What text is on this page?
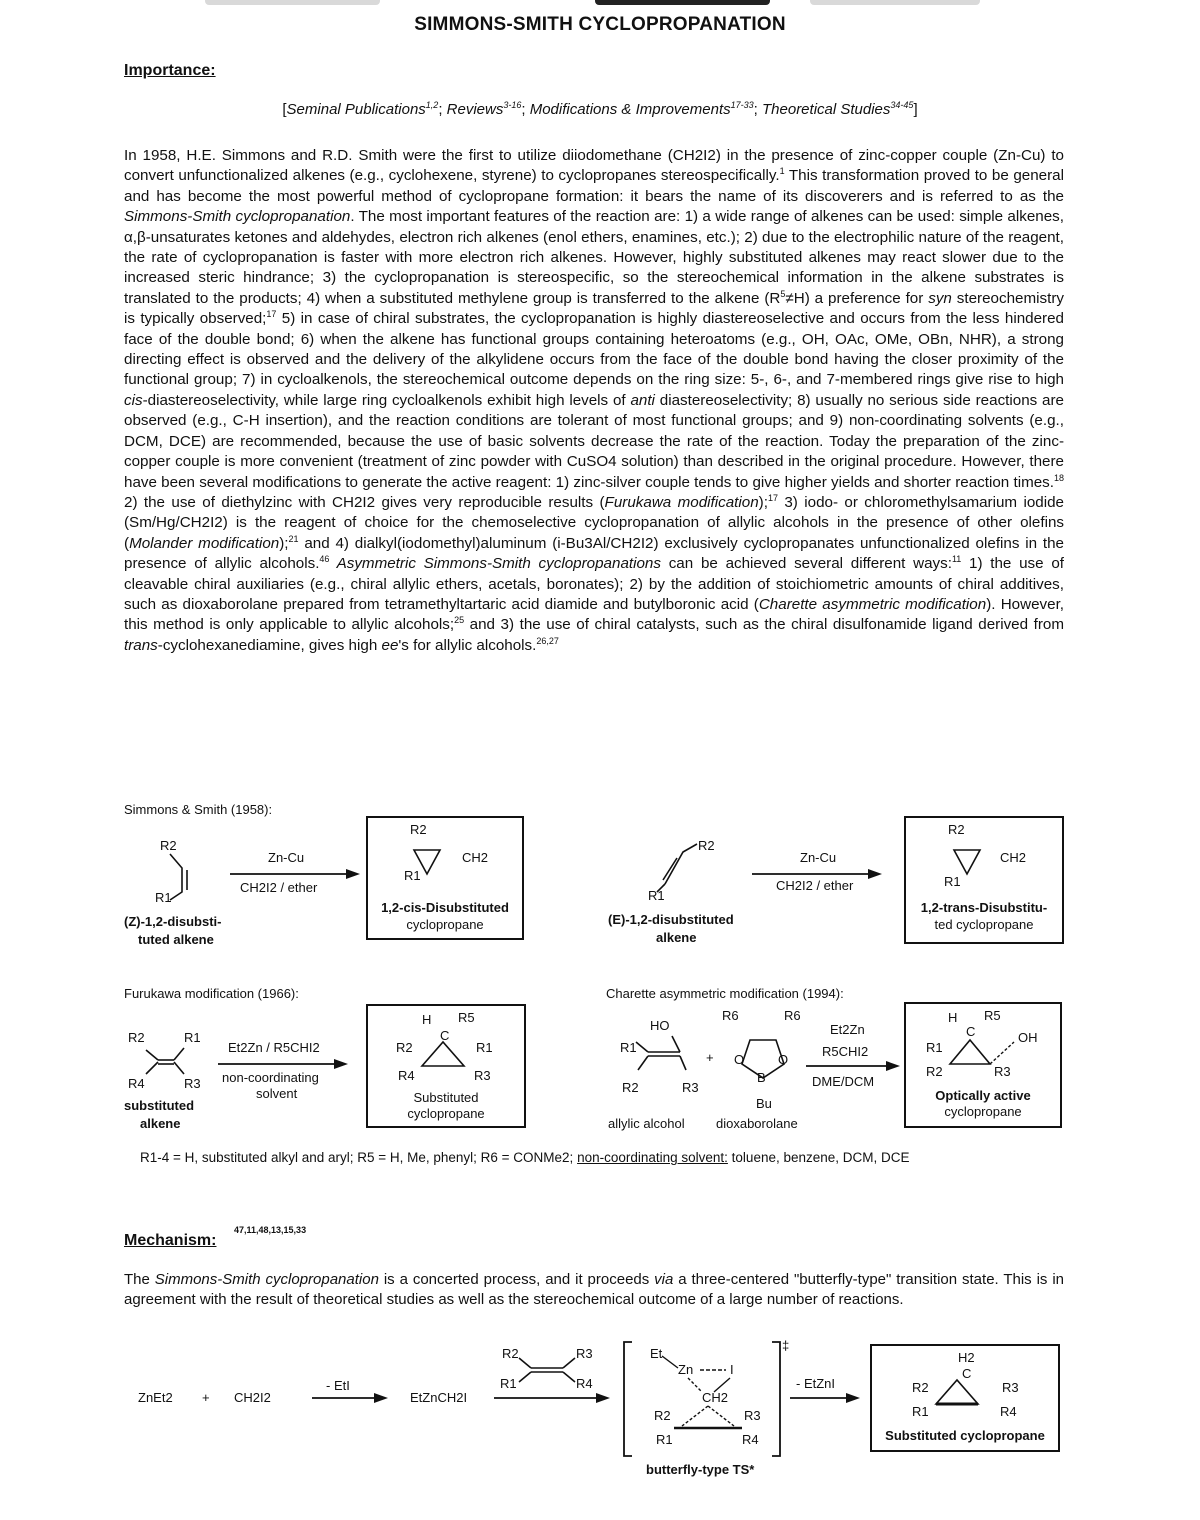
SIMMONS-SMITH CYCLOPROPANATION
Importance:
[Seminal Publications$^{1,2}$; Reviews$^{3-16}$; Modifications & Improvements$^{17-33}$; Theoretical Studies$^{34-45}$]
In 1958, H.E. Simmons and R.D. Smith were the first to utilize diiodomethane (CH2I2) in the presence of zinc-copper couple (Zn-Cu) to convert unfunctionalized alkenes (e.g., cyclohexene, styrene) to cyclopropanes stereospecifically.$^1$ This transformation proved to be general and has become the most powerful method of cyclopropane formation: it bears the name of its discoverers and is referred to as the Simmons-Smith cyclopropanation. The most important features of the reaction are: 1) a wide range of alkenes can be used: simple alkenes, α,β-unsaturates ketones and aldehydes, electron rich alkenes (enol ethers, enamines, etc.); 2) due to the electrophilic nature of the reagent, the rate of cyclopropanation is faster with more electron rich alkenes. However, highly substituted alkenes may react slower due to the increased steric hindrance; 3) the cyclopropanation is stereospecific, so the stereochemical information in the alkene substrates is translated to the products; 4) when a substituted methylene group is transferred to the alkene $(R^5\ne H)$ a preference for syn stereochemistry is typically observed;$^{17}$ 5) in case of chiral substrates, the cyclopropanation is highly diastereoselective and occurs from the less hindered face of the double bond; 6) when the alkene has functional groups containing heteroatoms (e.g., OH, OAc, OMe, OBn, NHR), a strong directing effect is observed and the delivery of the alkylidene occurs from the face of the double bond having the closer proximity of the functional group; 7) in cycloalkenols, the stereochemical outcome depends on the ring size: 5-, 6-, and 7-membered rings give rise to high cis-diastereoselectivity, while large ring cycloalkenols exhibit high levels of anti diastereoselectivity; 8) usually no serious side reactions are observed (e.g., C-H insertion), and the reaction conditions are tolerant of most functional groups; and 9) non-coordinating solvents (e.g., DCM, DCE) are recommended, because the use of basic solvents decrease the rate of the reaction. Today the preparation of the zinc-copper couple is more convenient (treatment of zinc powder with CuSO4 solution) than described in the original procedure. However, there have been several modifications to generate the active reagent: 1) zinc-silver couple tends to give higher yields and shorter reaction times.$^{18}$ 2) the use of diethylzinc with CH2I2 gives very reproducible results (Furukawa modification);$^{17}$ 3) iodo- or chloromethylsamarium iodide (Sm/Hg/CH2I2) is the reagent of choice for the chemoselective cyclopropanation of allylic alcohols in the presence of other olefins (Molander modification);$^{21}$ and 4) dialkyl(iodomethyl)aluminum (i-Bu3Al/CH2I2) exclusively cyclopropanates unfunctionalized olefins in the presence of allylic alcohols.$^{46}$ Asymmetric Simmons-Smith cyclopropanations can be achieved several different ways:$^{11}$ 1) the use of cleavable chiral auxiliaries (e.g., chiral allylic ethers, acetals, boronates); 2) by the addition of stoichiometric amounts of chiral additives, such as dioxaborolane prepared from tetramethyltartaric acid diamide and butylboronic acid (Charette asymmetric modification). However, this method is only applicable to allylic alcohols;$^{25}$ and 3) the use of chiral catalysts, such as the chiral disulfonamide ligand derived from trans-cyclohexanediamine, gives high ee's for allylic alcohols.$^{26,27}$
Simmons & Smith (1958):
R2
R1
(Z)-1,2-disubsti-
tuted alkene
Zn-Cu
CH2I2 / ether
R2
R1
CH2
1,2-cis-Disubstituted
cyclopropane
R2
R1
(E)-1,2-disubstituted
alkene
Zn-Cu
CH2I2 / ether
R2
R1
CH2
1,2-trans-Disubstitu-
ted cyclopropane
Furukawa modification (1966):
R2	R1
R4	R3
substituted
alkene
Et2Zn / R5CHI2
non-coordinating
solvent
H R5
C
R2	R1
R4	R3
Substituted
cyclopropane
Charette asymmetric modification (1994):
HO
R1
R2	R3
+
R6	R6
O	O
B
Bu
allylic alcohol dioxaborolane
Et2Zn
R5CHI2
DME/DCM
H R5
C	OH
R1
R2	R3
Optically active
cyclopropane
R1-4 = H, substituted alkyl and aryl; R5 = H, Me, phenyl; R6 = CONMe2; non-coordinating solvent: toluene, benzene, DCM, DCE
Mechanism:
47,11,48,13,15,33
The Simmons-Smith cyclopropanation is a concerted process, and it proceeds via a three-centered "butterfly-type" transition state. This is in agreement with the result of theoretical studies as well as the stereochemical outcome of a large number of reactions.
ZnEt2 + CH2I2
- EtI
EtZnCH2I
R2	R3
R1	R4
Et
Zn	I
CH2
R2	R3
R1	R4
‡
butterfly-type TS*
- EtZnI
H2
C
R2	R3
R1	R4
Substituted cyclopropane
